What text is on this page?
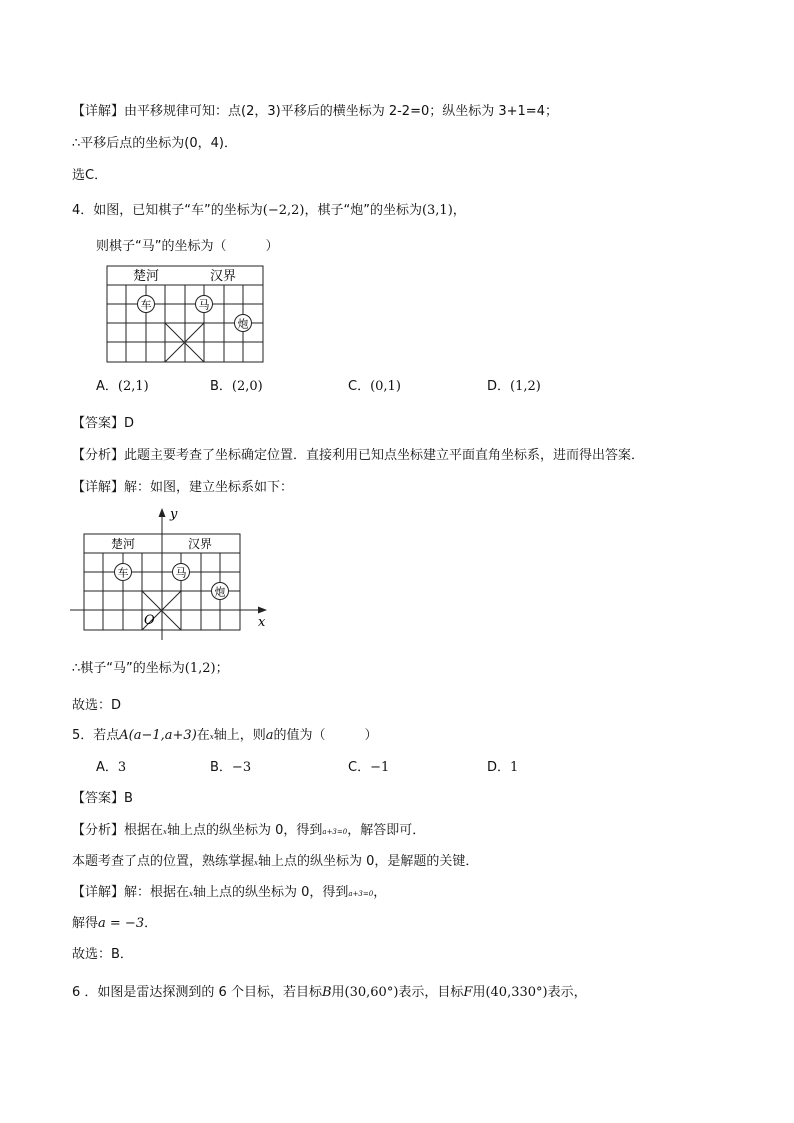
【详解】由平移规律可知：点(2，3)平移后的横坐标为 2-2=0；纵坐标为 3+1=4；
∴平移后点的坐标为(0，4)．
选C．
4．如图，已知棋子“车”的坐标为(−2,2)，棋子“炮”的坐标为(3,1)，
则棋子“马”的坐标为（　　　）
楚河	汉界
车	马
炮
A．(2,1)	B．(2,0)	C．(0,1)	D．(1,2)
【答案】D
【分析】此题主要考查了坐标确定位置．直接利用已知点坐标建立平面直角坐标系，进而得出答案．
【详解】解：如图，建立坐标系如下：
y
x
O
楚河	汉界
车	马
炮
∴棋子“马”的坐标为(1,2)；
故选：D
5．若点A(a−1,a+3)在x轴上，则a的值为（　　　）
A．3	B．−3	C．−1	D．1
【答案】B
【分析】根据在x轴上点的纵坐标为 0，得到a+3=0，解答即可．
本题考查了点的位置，熟练掌握x轴上点的纵坐标为 0，是解题的关键．
【详解】解：根据在x轴上点的纵坐标为 0，得到a+3=0，
解得a = −3．
故选：B．
6 ．如图是雷达探测到的 6 个目标，若目标B用(30,60°)表示，目标F用(40,330°)表示，
